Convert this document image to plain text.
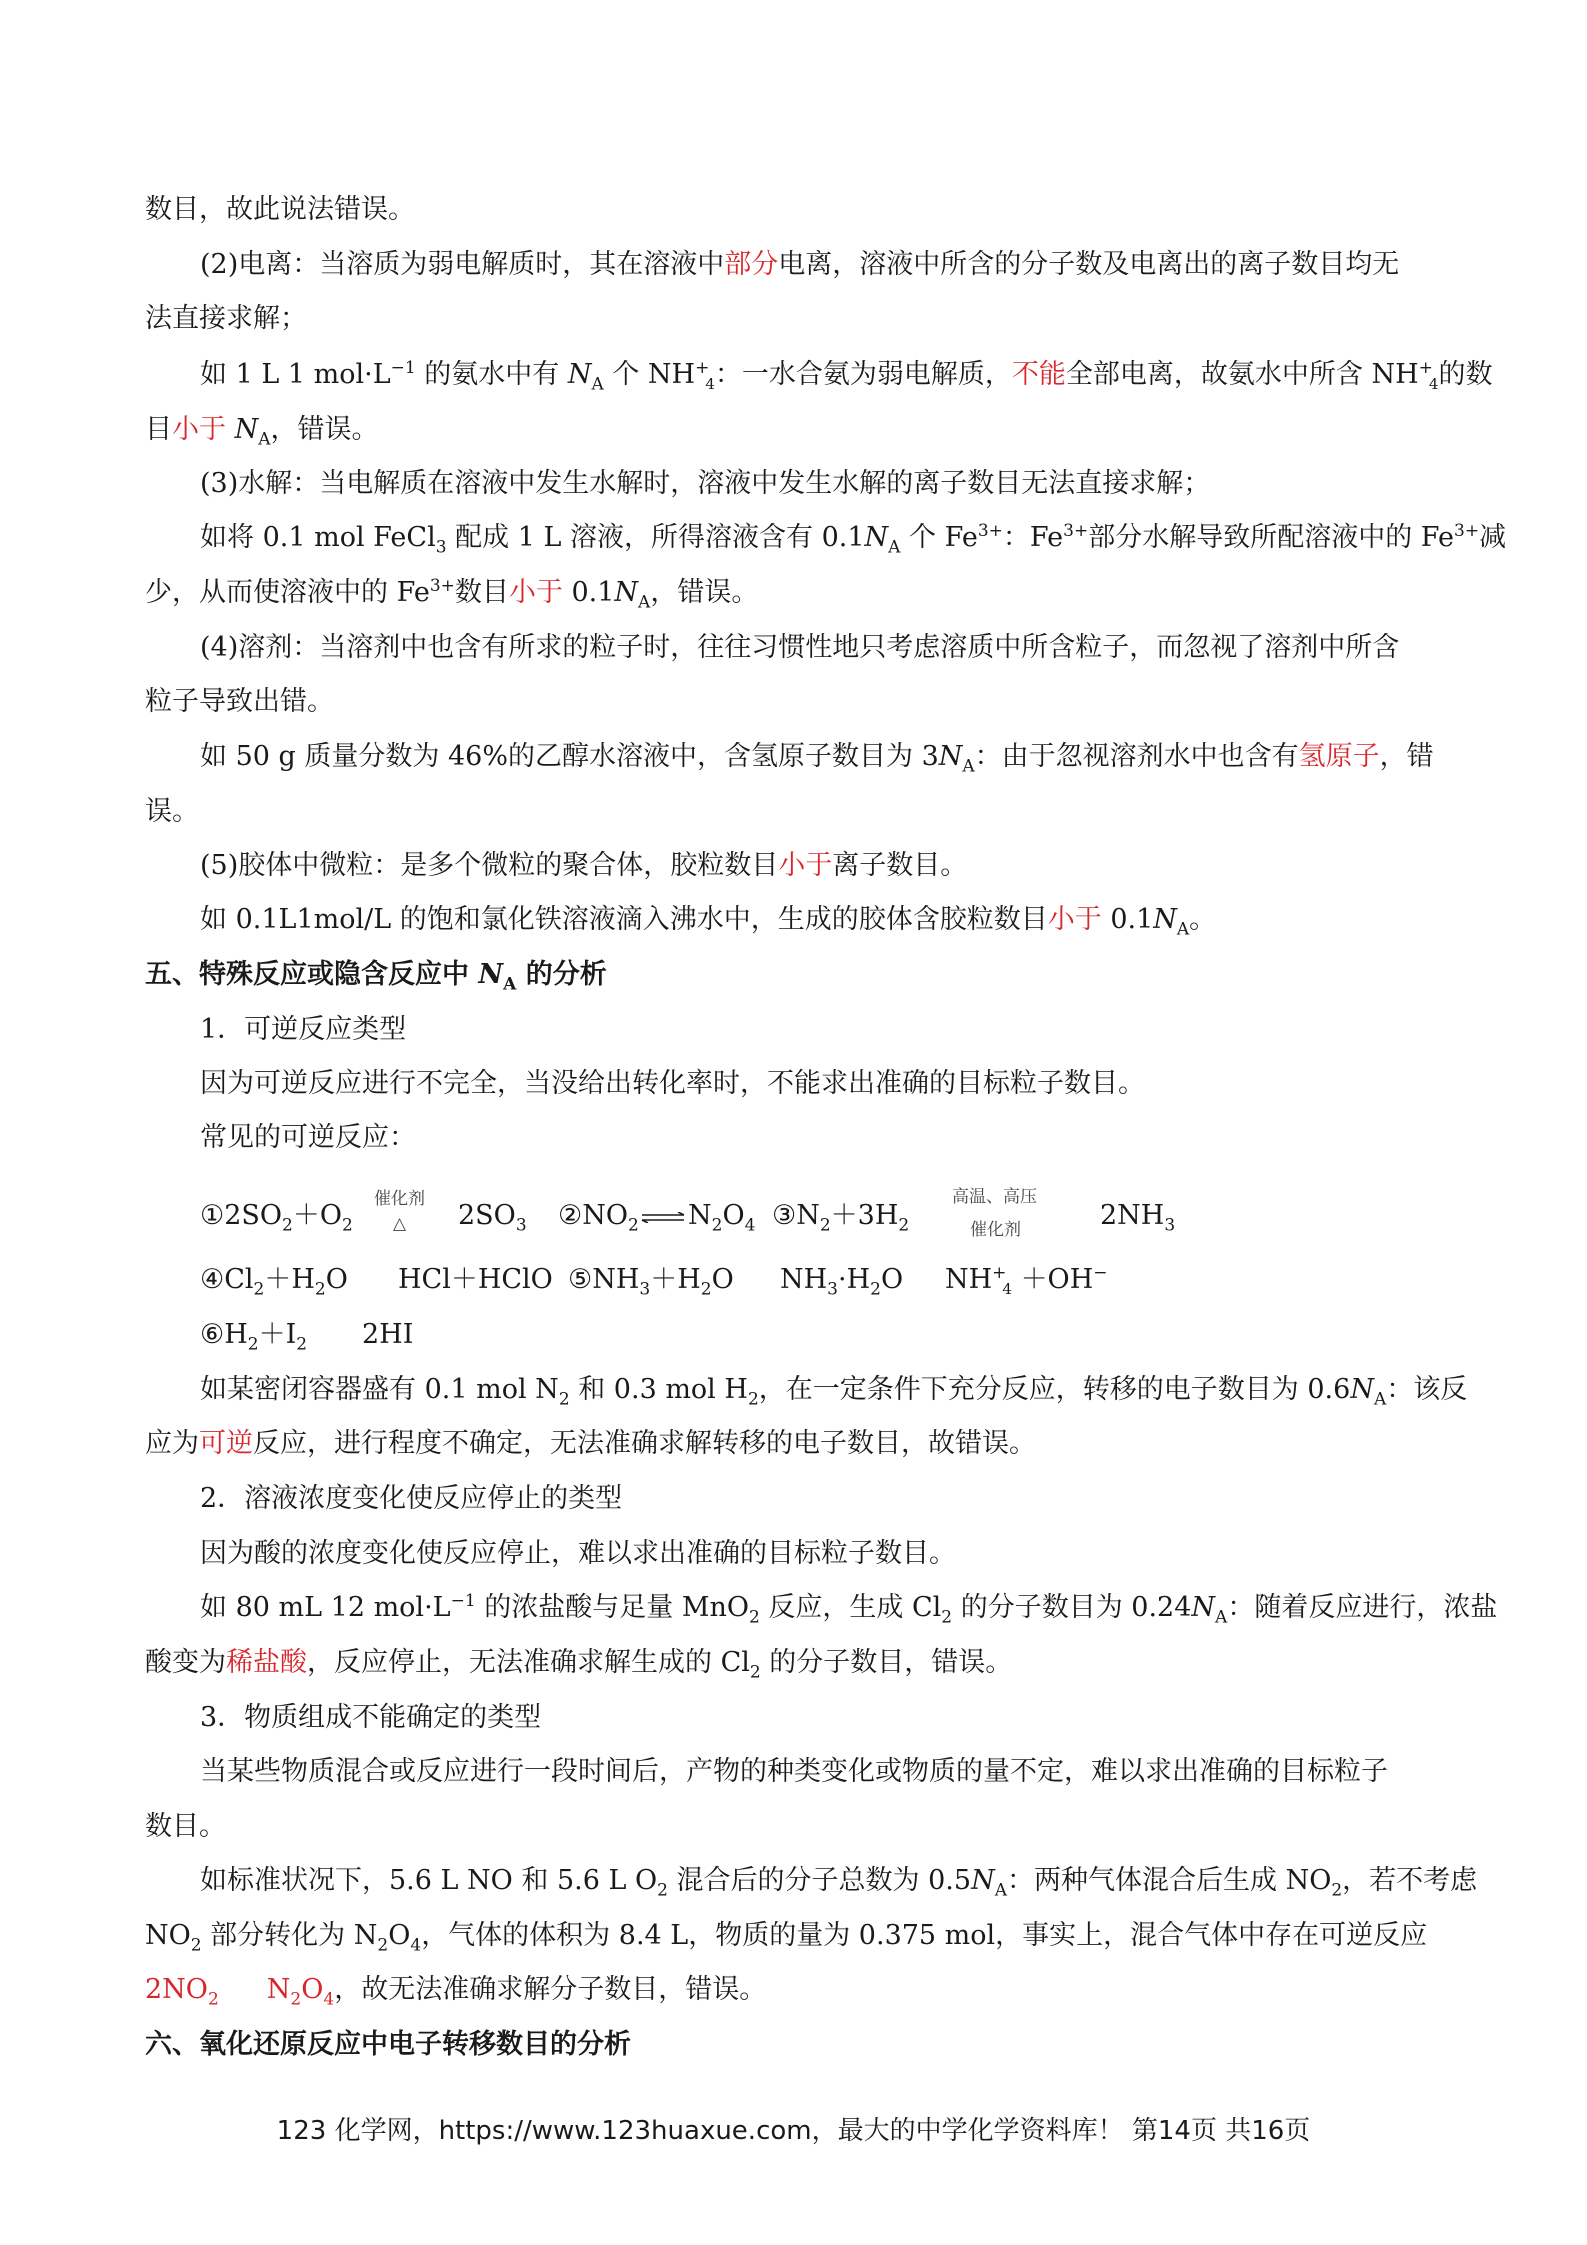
数目，故此说法错误。
(2)电离：当溶质为弱电解质时，其在溶液中部分电离，溶液中所含的分子数及电离出的离子数目均无
法直接求解；
如 1 L 1 $mol\cdot L^{-1}$ 的氨水中有 $N_A$ 个 $NH^+_4$：一水合氨为弱电解质，不能全部电离，故氨水中所含 $NH^+_4$的数
目小于 $N_A$，错误。
(3)水解：当电解质在溶液中发生水解时，溶液中发生水解的离子数目无法直接求解；
如将 0.1 mol FeCl$_3$ 配成 1 L 溶液，所得溶液含有 $0.1N_A$ 个 $Fe^{3+}$：$Fe^{3+}$部分水解导致所配溶液中的 $Fe^{3+}$减
少，从而使溶液中的 $Fe^{3+}$数目小于 $0.1N_A$，错误。
(4)溶剂：当溶剂中也含有所求的粒子时，往往习惯性地只考虑溶质中所含粒子，而忽视了溶剂中所含
粒子导致出错。
如 50 g 质量分数为 46%的乙醇水溶液中，含氢原子数目为 $3N_A$：由于忽视溶剂水中也含有氢原子，错
误。
(5)胶体中微粒：是多个微粒的聚合体，胶粒数目小于离子数目。
如 0.1L1mol/L 的饱和氯化铁溶液滴入沸水中，生成的胶体含胶粒数目小于 $0.1N_A$。
五、特殊反应或隐含反应中 $N_A$ 的分析
1．可逆反应类型
因为可逆反应进行不完全，当没给出转化率时，不能求出准确的目标粒子数目。
常见的可逆反应：
$①2SO_2+O_2$
催化剂
△ $2SO_3$ $②NO_2$ ⇌ $N_2O_4$ $③N_2+3H_2$
高温、高压
催化剂	$2NH_3$
$④Cl_2+H_2O$ HCl＋HClO $⑤NH_3+H_2O$ $NH_3\cdot H_2O$ $NH^+_4 +OH^-$
$⑥H_2+I_2$ 2HI
如某密闭容器盛有 0.1 mol $N_2$ 和 0.3 mol $H_2$，在一定条件下充分反应，转移的电子数目为 $0.6N_A$：该反
应为可逆反应，进行程度不确定，无法准确求解转移的电子数目，故错误。
2．溶液浓度变化使反应停止的类型
因为酸的浓度变化使反应停止，难以求出准确的目标粒子数目。
如 80 mL 12 $mol\cdot L^{-1}$ 的浓盐酸与足量 MnO$_2$ 反应，生成 $Cl_2$ 的分子数目为 $0.24N_A$：随着反应进行，浓盐
酸变为稀盐酸，反应停止，无法准确求解生成的 $Cl_2$ 的分子数目，错误。
3．物质组成不能确定的类型
当某些物质混合或反应进行一段时间后，产物的种类变化或物质的量不定，难以求出准确的目标粒子
数目。
如标准状况下，5.6 L NO 和 5.6 L $O_2$ 混合后的分子总数为 $0.5N_A$：两种气体混合后生成 $NO_2$，若不考虑
$NO_2$ 部分转化为 $N_2O_4$，气体的体积为 8.4 L，物质的量为 0.375 mol，事实上，混合气体中存在可逆反应
$2NO_2$ $N_2O_4$，故无法准确求解分子数目，错误。
六、氧化还原反应中电子转移数目的分析
123 化学网，https://www.123huaxue.com，最大的中学化学资料库！ 第14页 共16页
